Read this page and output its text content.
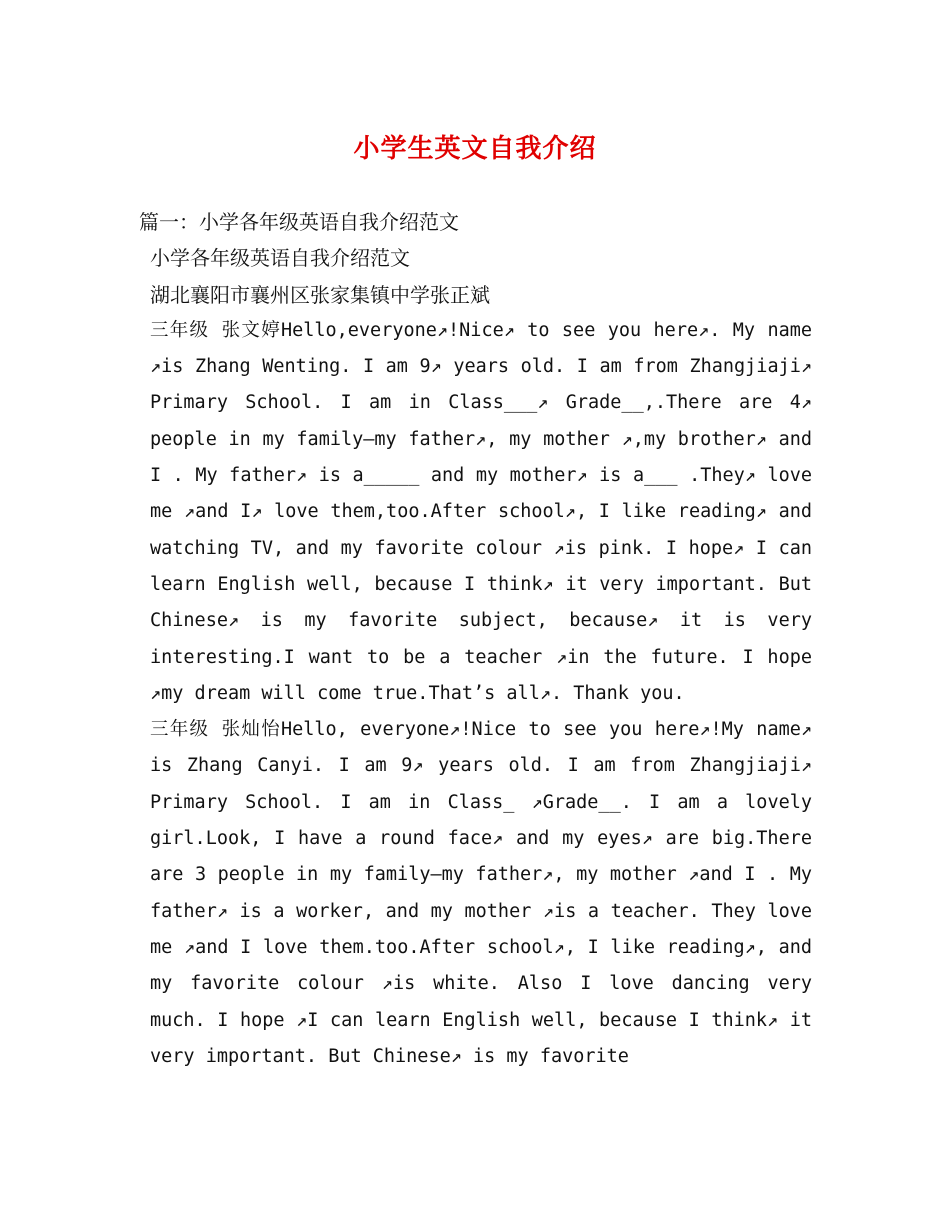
小学生英文自我介绍

篇一：小学各年级英语自我介绍范文

小学各年级英语自我介绍范文

湖北襄阳市襄州区张家集镇中学张正斌

三年级 张文婷Hello,everyone↗!Nice↗ to see you here↗. My name ↗is Zhang Wenting. I am 9↗ years old. I am from Zhangjiaji↗ Primary School. I am in Class___↗ Grade__,.There are 4↗ people in my family—my father↗, my mother ↗,my brother↗ and I . My father↗ is a_____ and my mother↗ is a___ .They↗ love me ↗and I↗ love them,too.After school↗, I like reading↗ and watching TV, and my favorite colour ↗is pink. I hope↗ I can learn English well, because I think↗ it very important. But Chinese↗ is my favorite subject, because↗ it is very interesting.I want to be a teacher ↗in the future. I hope ↗my dream will come true.That’s all↗. Thank you.

三年级 张灿怡Hello, everyone↗!Nice to see you here↗!My name↗ is Zhang Canyi. I am 9↗ years old. I am from Zhangjiaji↗ Primary School. I am in Class_ ↗Grade__. I am a lovely girl.Look, I have a round face↗ and my eyes↗ are big.There are 3 people in my family—my father↗, my mother ↗and I . My father↗ is a worker, and my mother ↗is a teacher. They love me ↗and I love them.too.After school↗, I like reading↗, and my favorite colour ↗is white. Also I love dancing very much. I hope ↗I can learn English well, because I think↗ it very important. But Chinese↗ is my favorite
